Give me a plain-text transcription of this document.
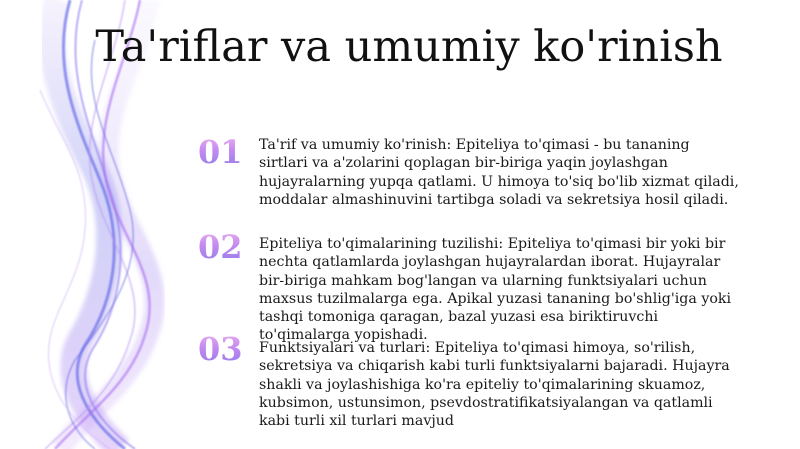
Ta'riflar va umumiy ko'rinish
01	Ta'rif va umumiy ko'rinish: Epiteliya to'qimasi - bu tananing sirtlari va a'zolarini qoplagan bir-biriga yaqin joylashgan hujayralarning yupqa qatlami. U himoya to'siq bo'lib xizmat qiladi, moddalar almashinuvini tartibga soladi va sekretsiya hosil qiladi.
02	Epiteliya to'qimalarining tuzilishi: Epiteliya to'qimasi bir yoki bir nechta qatlamlarda joylashgan hujayralardan iborat. Hujayralar bir-biriga mahkam bog'langan va ularning funktsiyalari uchun maxsus tuzilmalarga ega. Apikal yuzasi tananing bo'shlig'iga yoki tashqi tomoniga qaragan, bazal yuzasi esa biriktiruvchi to'qimalarga yopishadi.
03	Funktsiyalari va turlari: Epiteliya to'qimasi himoya, so'rilish, sekretsiya va chiqarish kabi turli funktsiyalarni bajaradi. Hujayra shakli va joylashishiga ko'ra epiteliy to'qimalarining skuamoz, kubsimon, ustunsimon, psevdostratifikatsiyalangan va qatlamli kabi turli xil turlari mavjud
